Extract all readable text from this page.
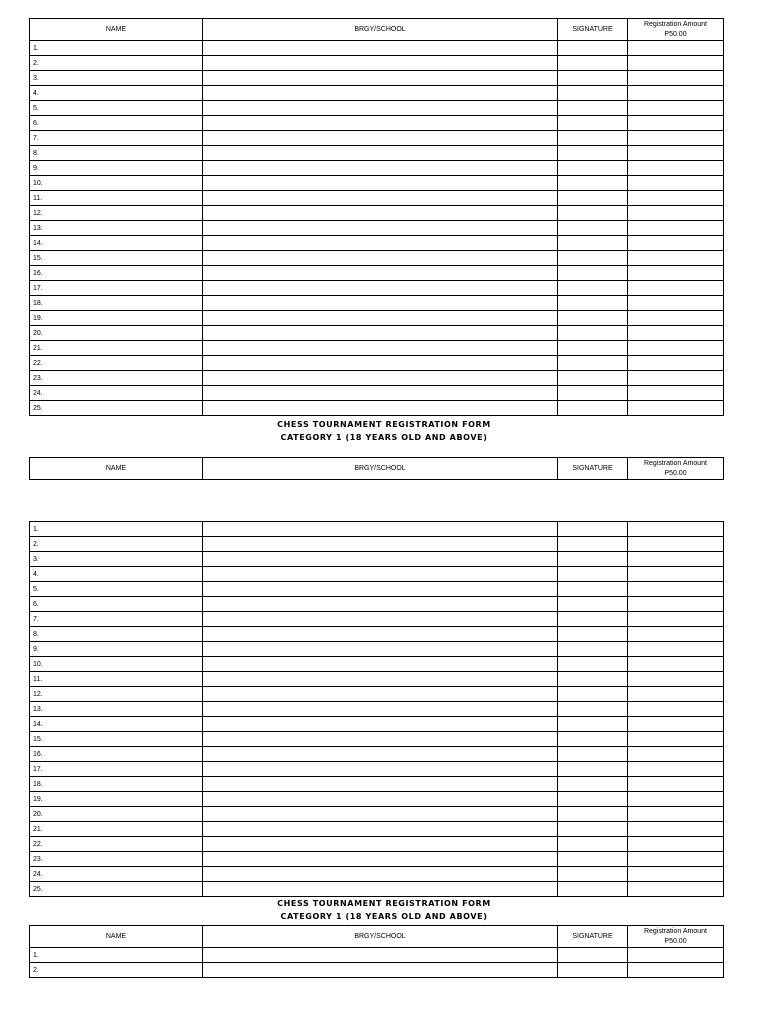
NAME	BRGY/SCHOOL	SIGNATURE	Registration Amount
P50.00
1.			
2.			
3.			
4.			
5.			
6.			
7.			
8.			
9.			
10.			
11.			
12.			
13.			
14.			
15.			
16.			
17.			
18.			
19.			
20.			
21.			
22.			
23.			
24.			
25.			
CHESS TOURNAMENT REGISTRATION FORM
CATEGORY 1 (18 YEARS OLD AND ABOVE)
NAME	BRGY/SCHOOL	SIGNATURE	Registration Amount
P50.00
1.			
2.			
3.			
4.			
5.			
6.			
7.			
8.			
9.			
10.			
11.			
12.			
13.			
14.			
15.			
16.			
17.			
18.			
19.			
20.			
21.			
22.			
23.			
24.			
25.			
CHESS TOURNAMENT REGISTRATION FORM
CATEGORY 1 (18 YEARS OLD AND ABOVE)
NAME	BRGY/SCHOOL	SIGNATURE	Registration Amount
P50.00
1.			
2.			
